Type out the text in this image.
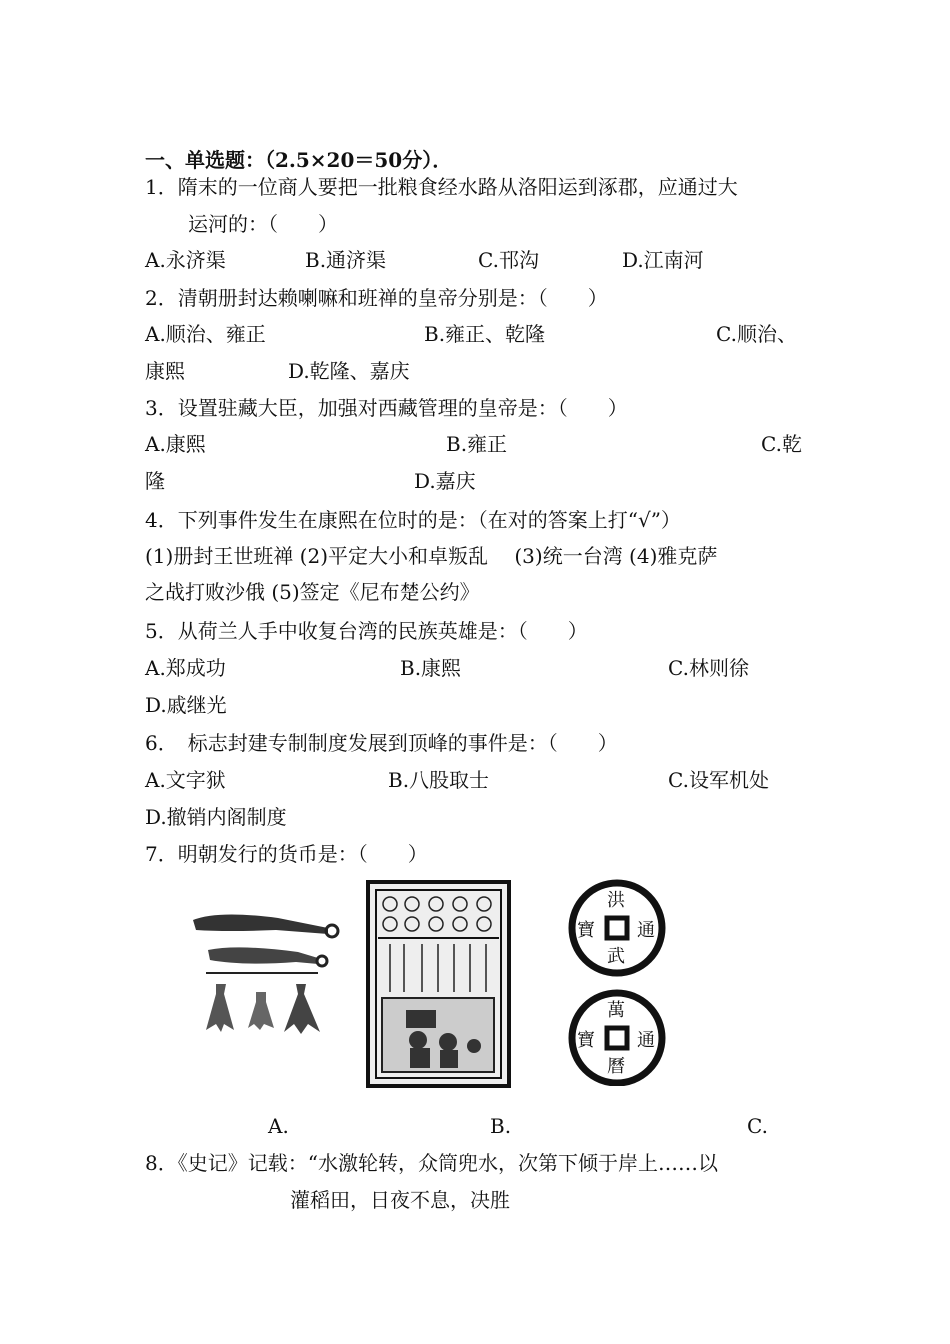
一、单选题：（2.5×20＝50分）．
1．隋末的一位商人要把一批粮食经水路从洛阳运到涿郡，应通过大
运河的：（　　）
A.永济渠	B.通济渠	C.邗沟	D.江南河
2．清朝册封达赖喇嘛和班禅的皇帝分别是：（　　）
A.顺治、雍正	B.雍正、乾隆	C.顺治、
康熙	D.乾隆、嘉庆
3．设置驻藏大臣，加强对西藏管理的皇帝是：（　　）
A.康熙	B.雍正	C.乾
隆	D.嘉庆
4．下列事件发生在康熙在位时的是：（在对的答案上打“√”）
(1)册封王世班禅 (2)平定大小和卓叛乱　 (3)统一台湾 (4)雅克萨
之战打败沙俄 (5)签定《尼布楚公约》
5．从荷兰人手中收复台湾的民族英雄是：（　　）
A.郑成功	B.康熙	C.林则徐
D.戚继光
6．　标志封建专制制度发展到顶峰的事件是：（　　）
A.文字狱	B.八股取士	C.设军机处
D.撤销内阁制度
7．明朝发行的货币是：（　　）
洪
通
武
寶
萬
通
曆
寶
A.	B.	C.
8．《史记》记载：“水激轮转，众筒兜水，次第下倾于岸上……以
灌稻田，日夜不息，决胜
